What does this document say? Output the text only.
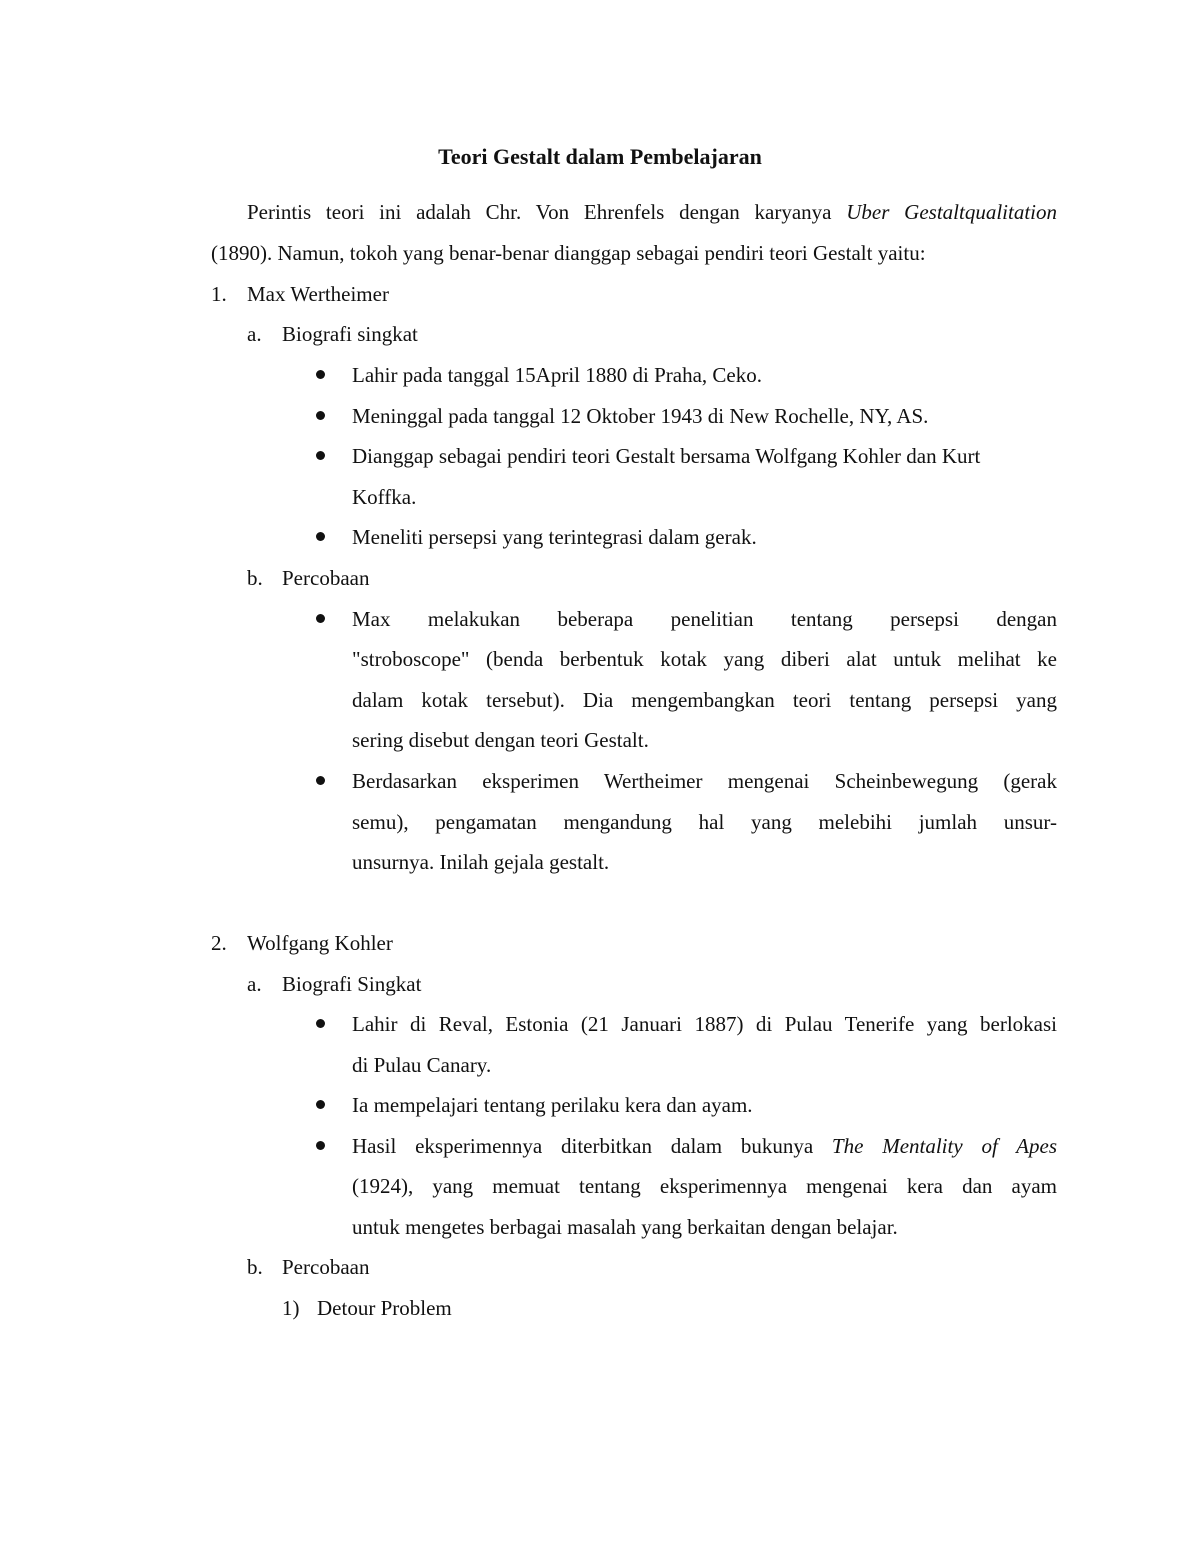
Teori Gestalt dalam Pembelajaran
Perintis teori ini adalah Chr. Von Ehrenfels dengan karyanya Uber Gestaltqualitation
(1890). Namun, tokoh yang benar-benar dianggap sebagai pendiri teori Gestalt yaitu:
1. Max Wertheimer
a. Biografi singkat
Lahir pada tanggal 15April 1880 di Praha, Ceko.
Meninggal pada tanggal 12 Oktober 1943 di New Rochelle, NY, AS.
Dianggap sebagai pendiri teori Gestalt bersama Wolfgang Kohler dan Kurt
Koffka.
Meneliti persepsi yang terintegrasi dalam gerak.
b. Percobaan
Max melakukan beberapa penelitian tentang persepsi dengan
"stroboscope" (benda berbentuk kotak yang diberi alat untuk melihat ke
dalam kotak tersebut). Dia mengembangkan teori tentang persepsi yang
sering disebut dengan teori Gestalt.
Berdasarkan eksperimen Wertheimer mengenai Scheinbewegung (gerak
semu), pengamatan mengandung hal yang melebihi jumlah unsur-
unsurnya. Inilah gejala gestalt.
2. Wolfgang Kohler
a. Biografi Singkat
Lahir di Reval, Estonia (21 Januari 1887) di Pulau Tenerife yang berlokasi
di Pulau Canary.
Ia mempelajari tentang perilaku kera dan ayam.
Hasil eksperimennya diterbitkan dalam bukunya The Mentality of Apes
(1924), yang memuat tentang eksperimennya mengenai kera dan ayam
untuk mengetes berbagai masalah yang berkaitan dengan belajar.
b. Percobaan
1) Detour Problem
